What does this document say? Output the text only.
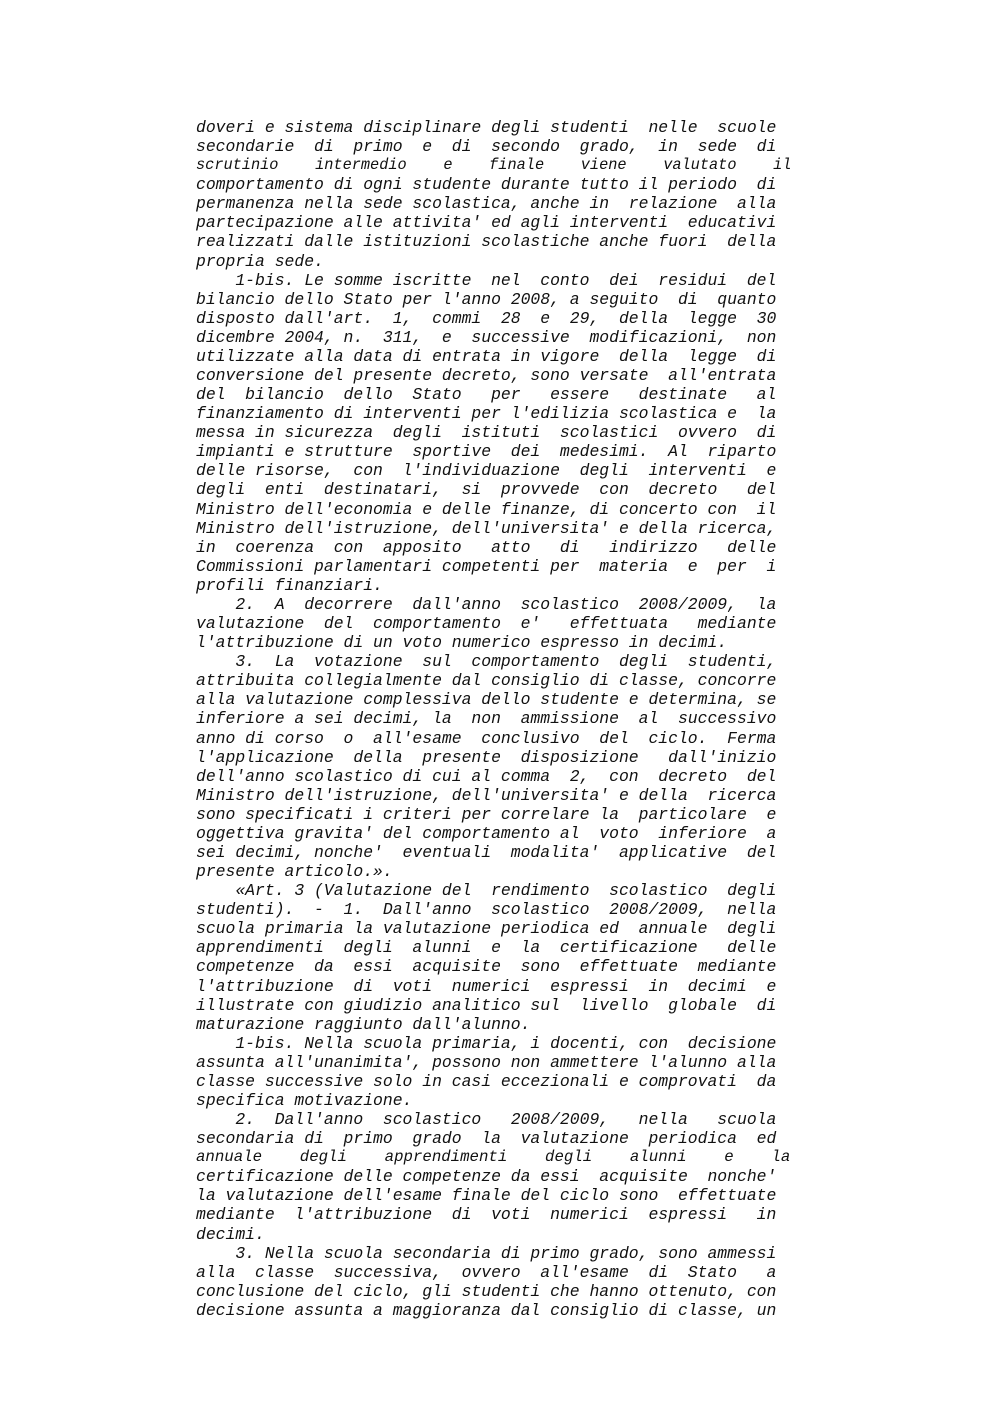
doveri e sistema disciplinare degli studenti  nelle  scuole
secondarie  di  primo  e  di  secondo  grado,  in  sede  di
scrutinio    intermedio    e    finale    viene    valutato    il
comportamento di ogni studente durante tutto il periodo  di
permanenza nella sede scolastica, anche in  relazione  alla
partecipazione alle attivita' ed agli interventi  educativi
realizzati dalle istituzioni scolastiche anche fuori  della
propria sede.
1-bis. Le somme iscritte  nel  conto  dei  residui  del
bilancio dello Stato per l'anno 2008, a seguito  di  quanto
disposto dall'art.  1,  commi  28  e  29,  della  legge  30
dicembre 2004, n.  311,  e  successive  modificazioni,  non
utilizzate alla data di entrata in vigore  della  legge  di
conversione del presente decreto, sono versate  all'entrata
del  bilancio  dello  Stato   per   essere   destinate   al
finanziamento di interventi per l'edilizia scolastica e  la
messa in sicurezza  degli  istituti  scolastici  ovvero  di
impianti e strutture  sportive  dei  medesimi.  Al  riparto
delle risorse,  con  l'individuazione  degli  interventi  e
degli  enti  destinatari,  si  provvede  con  decreto   del
Ministro dell'economia e delle finanze, di concerto con  il
Ministro dell'istruzione, dell'universita' e della ricerca,
in  coerenza  con  apposito   atto   di   indirizzo   delle
Commissioni parlamentari competenti per  materia  e  per  i
profili finanziari.
2.  A  decorrere  dall'anno  scolastico  2008/2009,  la
valutazione  del  comportamento  e'   effettuata   mediante
l'attribuzione di un voto numerico espresso in decimi.
3.  La  votazione  sul  comportamento  degli  studenti,
attribuita collegialmente dal consiglio di classe, concorre
alla valutazione complessiva dello studente e determina, se
inferiore a sei decimi, la  non  ammissione  al  successivo
anno di corso  o  all'esame  conclusivo  del  ciclo.  Ferma
l'applicazione  della  presente  disposizione   dall'inizio
dell'anno scolastico di cui al comma  2,  con  decreto  del
Ministro dell'istruzione, dell'universita' e della  ricerca
sono specificati i criteri per correlare la  particolare  e
oggettiva gravita' del comportamento al  voto  inferiore  a
sei decimi, nonche'  eventuali  modalita'  applicative  del
presente articolo.».
«Art. 3 (Valutazione del  rendimento  scolastico  degli
studenti).  -  1.  Dall'anno  scolastico  2008/2009,  nella
scuola primaria la valutazione periodica ed  annuale  degli
apprendimenti  degli  alunni  e  la  certificazione   delle
competenze  da  essi  acquisite  sono  effettuate  mediante
l'attribuzione  di  voti  numerici  espressi  in  decimi  e
illustrate con giudizio analitico sul  livello  globale  di
maturazione raggiunto dall'alunno.
1-bis. Nella scuola primaria, i docenti, con  decisione
assunta all'unanimita', possono non ammettere l'alunno alla
classe successive solo in casi eccezionali e comprovati  da
specifica motivazione.
2.  Dall'anno  scolastico   2008/2009,   nella   scuola
secondaria di  primo  grado  la  valutazione  periodica  ed
annuale    degli    apprendimenti    degli    alunni    e    la
certificazione delle competenze da essi  acquisite  nonche'
la valutazione dell'esame finale del ciclo sono  effettuate
mediante  l'attribuzione  di  voti  numerici  espressi   in
decimi.
3. Nella scuola secondaria di primo grado, sono ammessi
alla  classe  successiva,  ovvero  all'esame  di  Stato   a
conclusione del ciclo, gli studenti che hanno ottenuto, con
decisione assunta a maggioranza dal consiglio di classe, un
